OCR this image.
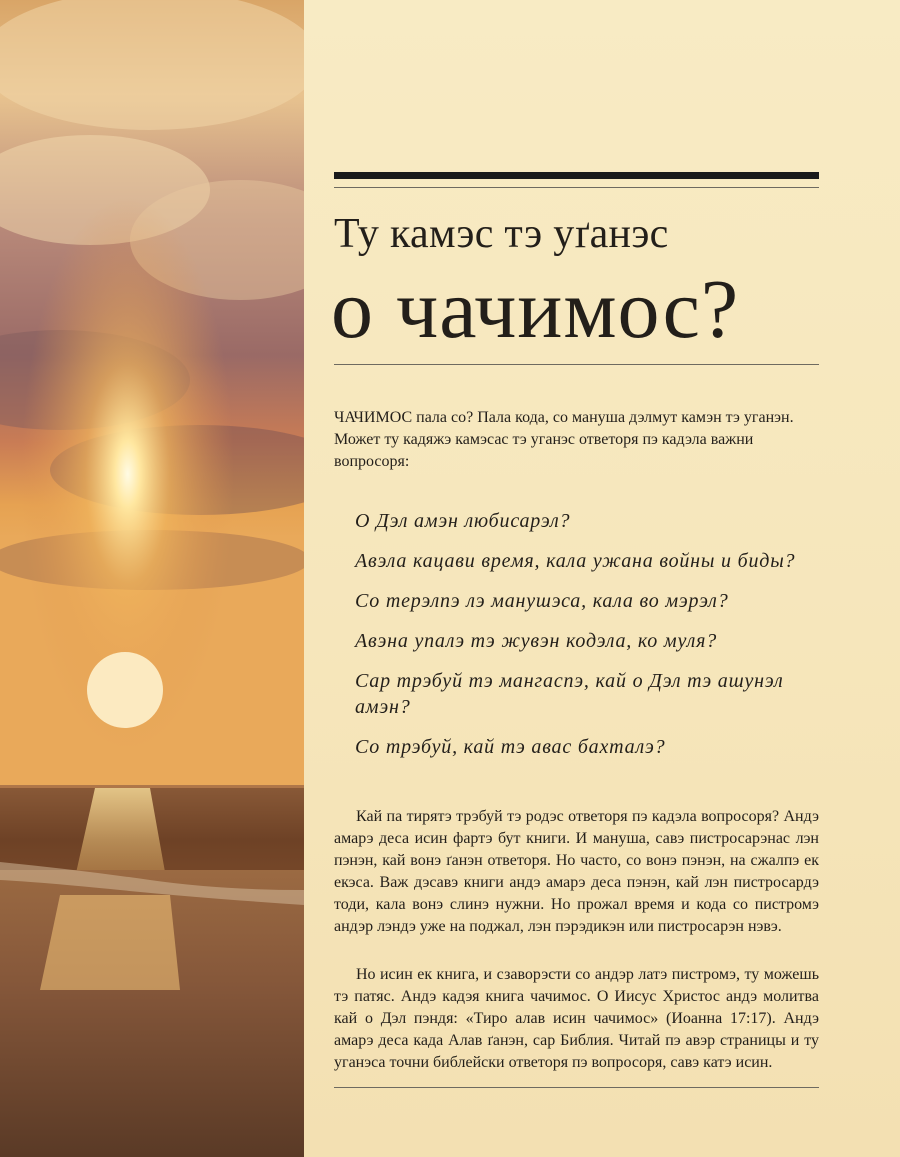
Ту камэс тэ уґанэс
о чачимос?

ЧАЧИМОС пала со? Пала кода, со мануша дэлмут камэн тэ уганэн. Может ту кадяжэ камэсас тэ уганэс ответоря пэ кадэла важни вопросоря:

О Дэл амэн любисарэл?
Авэла кацави время, кала ужана войны и биды?
Со терэлпэ лэ манушэса, кала во мэрэл?
Авэна упалэ тэ жувэн кодэла, ко муля?
Сар трэбуй тэ мангаспэ, кай о Дэл тэ ашунэл амэн?
Со трэбуй, кай тэ авас бахталэ?

Кай па тирятэ трэбуй тэ родэс ответоря пэ кадэла вопросоря? Андэ амарэ деса исин фартэ бут книги. И мануша, савэ пистросарэнас лэн пэнэн, кай вонэ ґанэн ответоря. Но часто, со вонэ пэнэн, на сжалпэ ек екэса. Важ дэсавэ книги андэ амарэ деса пэнэн, кай лэн пистросардэ тоди, кала вонэ слинэ нужни. Но прожал время и кода со пистромэ андэр лэндэ уже на поджал, лэн пэрэдикэн или пистросарэн нэвэ.

Но исин ек книга, и сзаворэсти со андэр латэ пистромэ, ту можешь тэ патяс. Андэ кадэя книга чачимос. О Иисус Христос андэ молитва кай о Дэл пэндя: «Тиро алав исин чачимос» (Иоанна 17:17). Андэ амарэ деса када Алав ґанэн, сар Библия. Читай пэ авэр страницы и ту уганэса точни библейски ответоря пэ вопросоря, савэ катэ исин.
